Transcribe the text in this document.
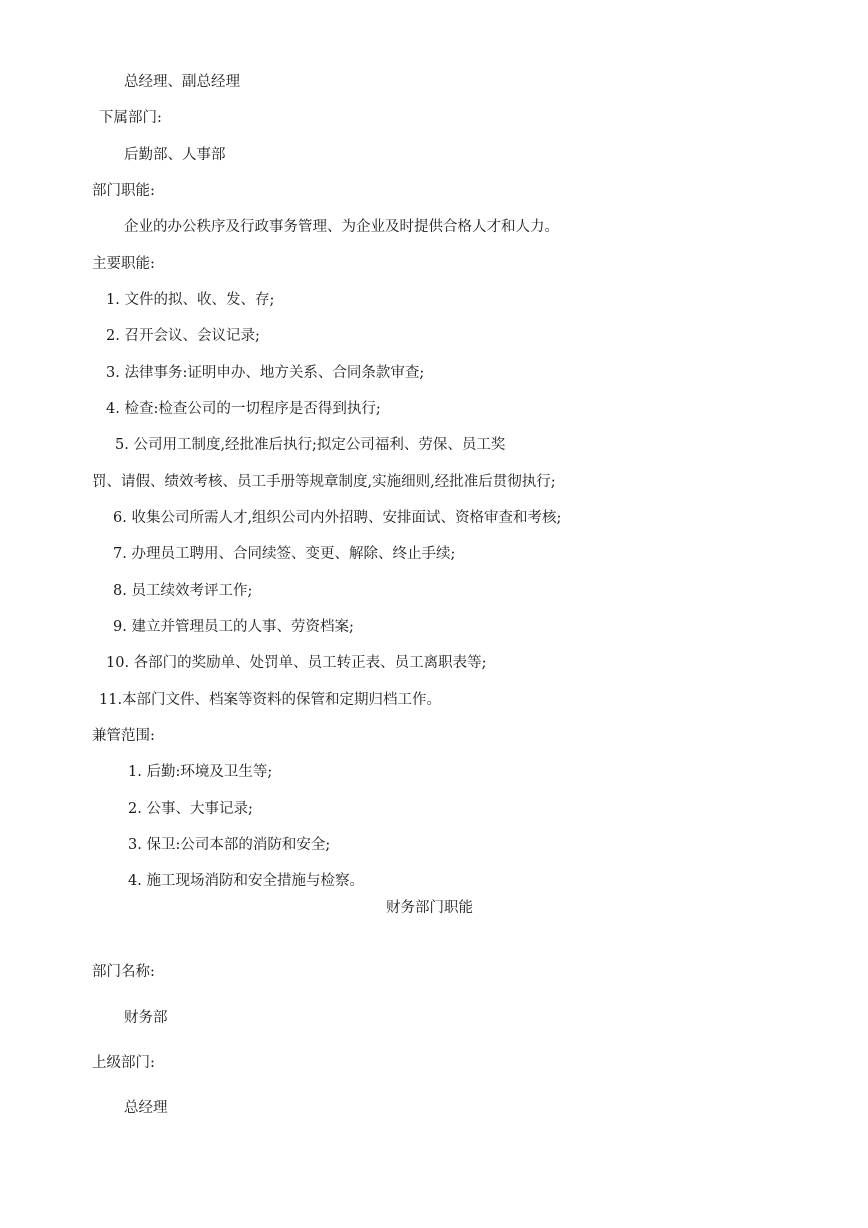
总经理、副总经理
下属部门:
后勤部、人事部
部门职能:
企业的办公秩序及行政事务管理、为企业及时提供合格人才和人力。
主要职能:
1. 文件的拟、收、发、存;
2. 召开会议、会议记录;
3. 法律事务:证明申办、地方关系、合同条款审查;
4. 检查:检查公司的一切程序是否得到执行;
5. 公司用工制度,经批准后执行;拟定公司福利、劳保、员工奖
罚、请假、绩效考核、员工手册等规章制度,实施细则,经批准后贯彻执行;
6. 收集公司所需人才,组织公司内外招聘、安排面试、资格审查和考核;
7. 办理员工聘用、合同续签、变更、解除、终止手续;
8. 员工续效考评工作;
9. 建立并管理员工的人事、劳资档案;
10. 各部门的奖励单、处罚单、员工转正表、员工离职表等;
11.本部门文件、档案等资料的保管和定期归档工作。
兼管范围:
1. 后勤:环境及卫生等;
2. 公事、大事记录;
3. 保卫:公司本部的消防和安全;
4. 施工现场消防和安全措施与检察。
财务部门职能
部门名称:
财务部
上级部门:
总经理
